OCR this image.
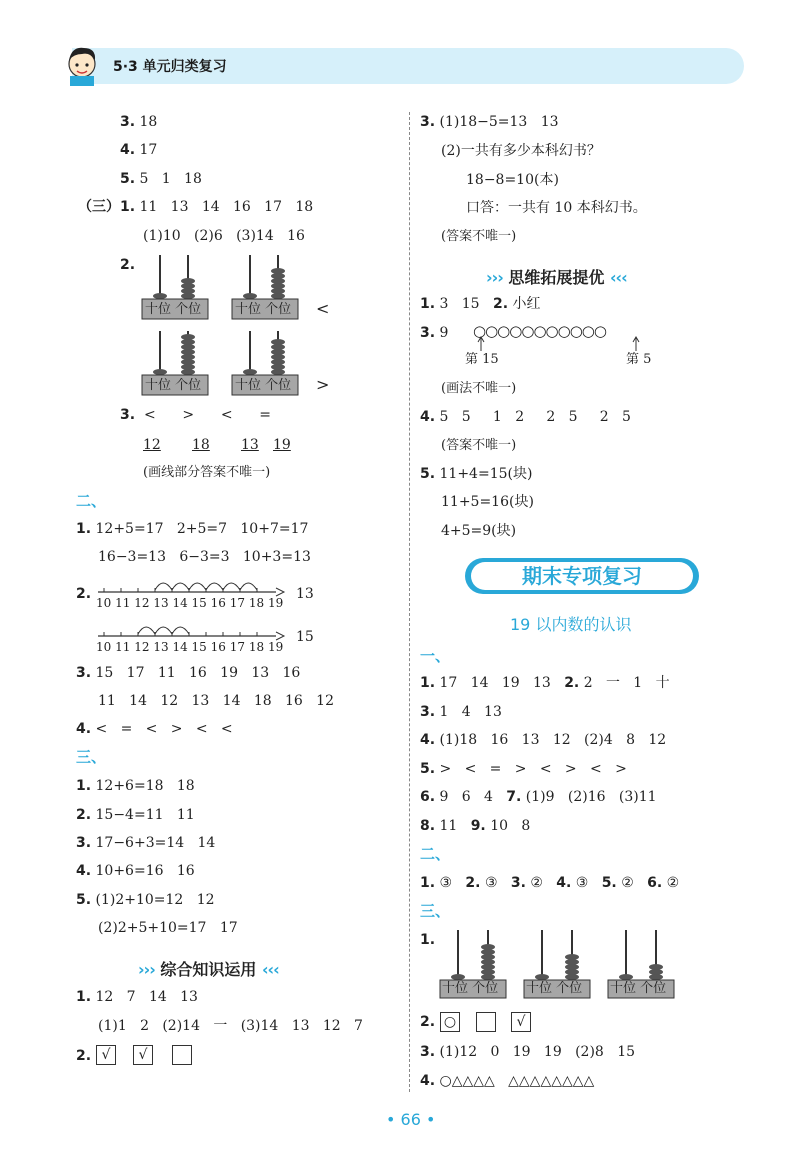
5·3 单元归类复习
3. 18
4. 17
5. 5   1   18
（三）1. 11   13   14   16   17   18
(1)10   (2)6   (3)14   16
2.
十位 个位	十位 个位
十位 个位	十位 个位
<
>
3. <      >      <      =
12 18 13 19
(画线部分答案不唯一)
二、
1. 12+5=17   2+5=7   10+7=17
16−3=13   6−3=3   10+3=13
2.
10 11 12 13 14 15 16 17 18 19
13
10 11 12 13 14 15 16 17 18 19
15
3. 15   17   11   16   19   13   16
11   14   12   13   14   18   16   12
4. <   =   <   >   <   <
三、
1. 12+6=18   18
2. 15−4=11   11
3. 17−6+3=14   14
4. 10+6=16   16
5. (1)2+10=12   12
(2)2+5+10=17   17
››› 综合知识运用 ‹‹‹
1. 12   7   14   13
(1)1   2   (2)14   一   (3)14   13   12   7
2. √	√
3. (1)18−5=13   13
(2)一共有多少本科幻书？
18−8=10(本)
口答：一共有 10 本科幻书。
(答案不唯一)
››› 思维拓展提优 ‹‹‹
1. 3   15   2. 小红
3. 9 ○○○○○○○○○○○
第 15	第 5
(画法不唯一)
4. 5   5     1   2     2   5     2   5
(答案不唯一)
5. 11+4=15(块)
11+5=16(块)
4+5=9(块)
期末专项复习
19 以内数的认识
一、
1. 17   14   19   13   2. 2   一   1   十
3. 1   4   13
4. (1)18   16   13   12   (2)4   8   12
5. >   <   =   >   <   >   <   >
6. 9   6   4   7. (1)9   (2)16   (3)11
8. 11   9. 10   8
二、
1. ③   2. ③   3. ②   4. ③   5. ②   6. ②
三、
1.
十位 个位 十位 个位 十位 个位
2. ○	√
3. (1)12   0   19   19   (2)8   15
4. ○△△△△   △△△△△△△△
• 66 •
